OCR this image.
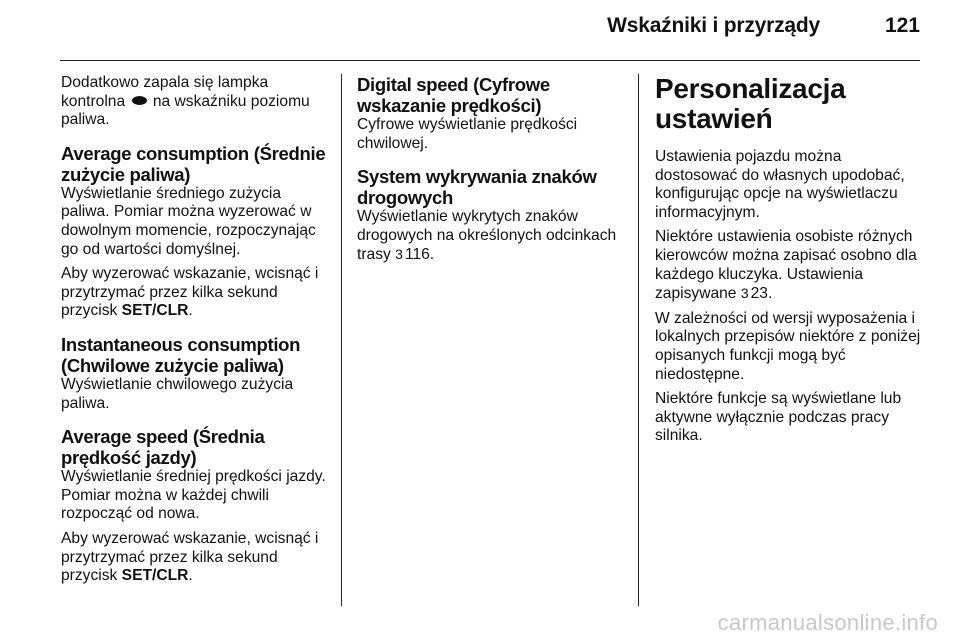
Wskaźniki i przyrządy	121

Dodatkowo zapala się lampka kontrolna na wskaźniku poziomu paliwa.

Average consumption (Średnie zużycie paliwa)

Wyświetlanie średniego zużycia paliwa. Pomiar można wyzerować w dowolnym momencie, rozpoczynając go od wartości domyślnej.

Aby wyzerować wskazanie, wcisnąć i przytrzymać przez kilka sekund przycisk SET/CLR.

Instantaneous consumption (Chwilowe zużycie paliwa)

Wyświetlanie chwilowego zużycia paliwa.

Average speed (Średnia prędkość jazdy)

Wyświetlanie średniej prędkości jazdy. Pomiar można w każdej chwili rozpocząć od nowa.

Aby wyzerować wskazanie, wcisnąć i przytrzymać przez kilka sekund przycisk SET/CLR.

Digital speed (Cyfrowe wskazanie prędkości)

Cyfrowe wyświetlanie prędkości chwilowej.

System wykrywania znaków drogowych

Wyświetlanie wykrytych znaków drogowych na określonych odcinkach trasy 3 116.

Personalizacja ustawień

Ustawienia pojazdu można dostosować do własnych upodobać, konfigurując opcje na wyświetlaczu informacyjnym.

Niektóre ustawienia osobiste różnych kierowców można zapisać osobno dla każdego kluczyka. Ustawienia zapisywane 3 23.

W zależności od wersji wyposażenia i lokalnych przepisów niektóre z poniżej opisanych funkcji mogą być niedostępne.

Niektóre funkcje są wyświetlane lub aktywne wyłącznie podczas pracy silnika.

carmanualsonline.info
